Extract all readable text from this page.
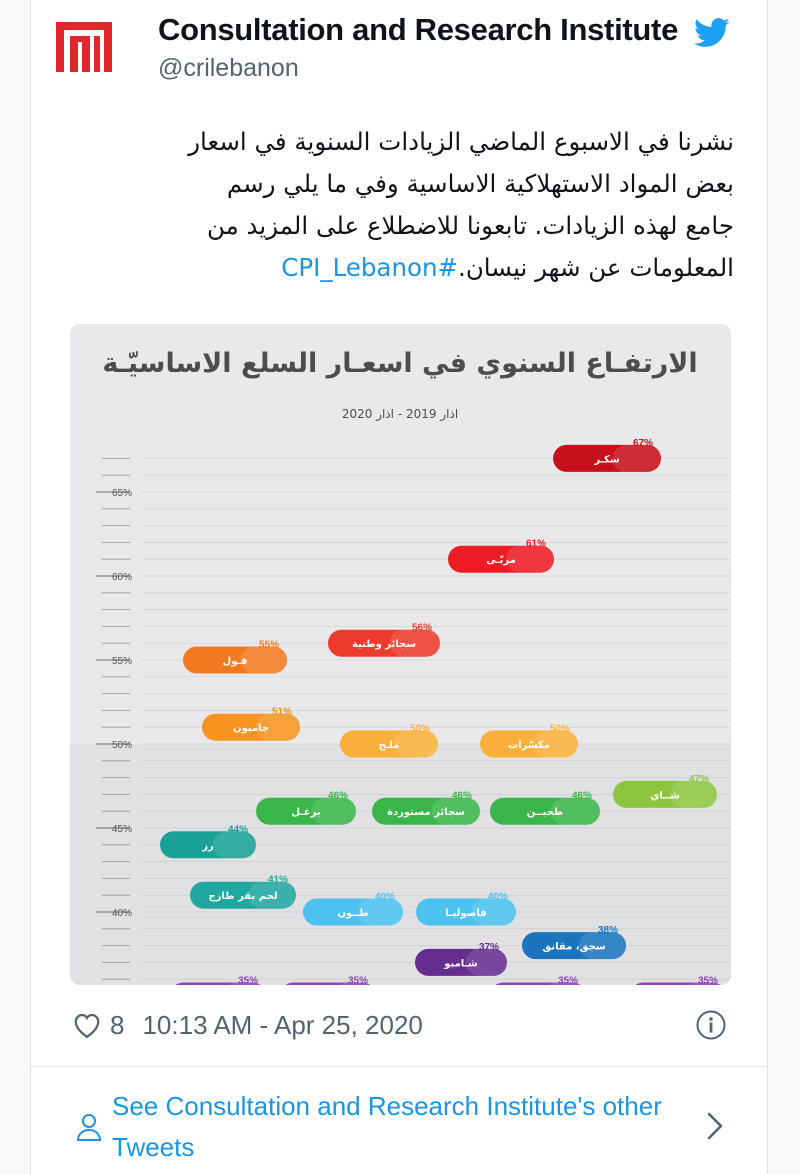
Consultation and Research Institute
@crilebanon
نشرنا في الاسبوع الماضي الزيادات السنوية في اسعار
بعض المواد الاستهلاكية الاساسية وفي ما يلي رسم
جامع لهذه الزيادات. تابعونا للاضطلاع على المزيد من
المعلومات عن شهر نيسان.#CPI_Lebanon
65%
60%
55%
50%
45%
40%
الارتفـاع السنوي في اسعـار السلع الاساسيّـة
اذار 2019 - اذار 2020
67%
سكـر
61%
مربّـى
56%
سجائر وطنية
55%
فـول
51%
جامبون	50%
ملـح
50%
مكسّرات
47%
شــاي
46%
برغـل
46%
سجائر مستوردة
46%
طحيــن
44%
رز
41%
لحم بقر طازج	40%
طــون
40%
فاصوليـا
38%
سجق، مقانق
37%
شـامبو
35%	35%	35%	35%
8 10:13 AM - Apr 25, 2020
See Consultation and Research Institute's other Tweets
